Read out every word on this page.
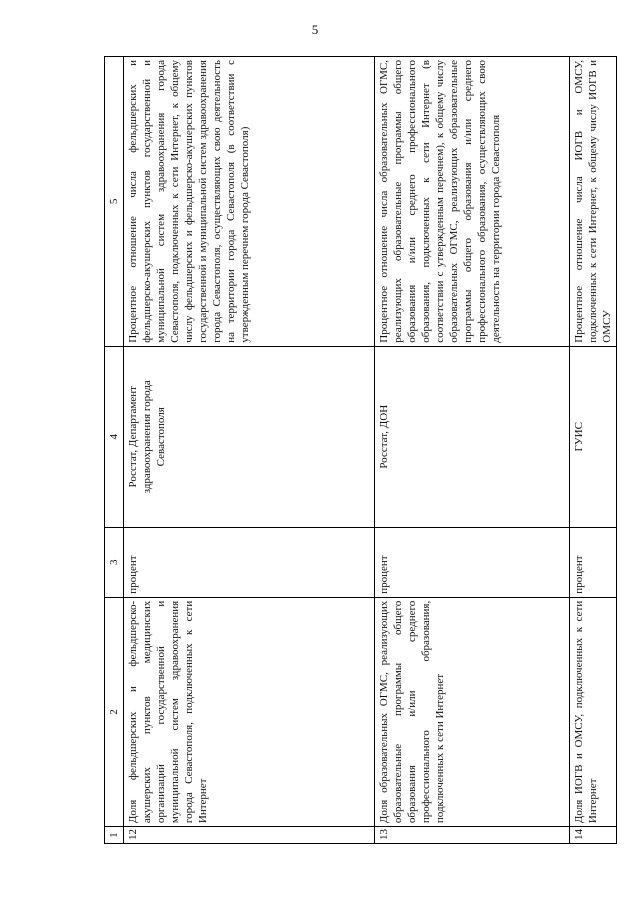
5
1	2	3	4	5
12	Доля фельдшерских и фельдшерско-акушерских пунктов медицинских организаций государственной и муниципальной систем здравоохранения города Севастополя, подключенных к сети Интернет	процент	Росстат, Департамент здравоохранения города Севастополя	Процентное отношение числа фельдшерских и фельдшерско-акушерских пунктов государственной и муниципальной систем здравоохранения города Севастополя, подключенных к сети Интернет, к общему числу фельдшерских и фельдшерско-акушерских пунктов государственной и муниципальной систем здравоохранения города Севастополя, осуществляющих свою деятельность на территории города Севастополя (в соответствии с утвержденным перечнем города Севастополя)
13	Доля образовательных ОГМС, реализующих образовательные программы общего образования и/или среднего профессионального образования, подключенных к сети Интернет	процент	Росстат, ДОН	Процентное отношение числа образовательных ОГМС, реализующих образовательные программы общего образования и/или среднего профессионального образования, подключенных к сети Интернет (в соответствии с утвержденным перечнем), к общему числу образовательных ОГМС, реализующих образовательные программы общего образования и/или среднего профессионального образования, осуществляющих свою деятельность на территории города Севастополя
14	Доля ИОГВ и ОМСУ, подключенных к сети Интернет	процент	ГУИС	Процентное отношение числа ИОГВ и ОМСУ, подключенных к сети Интернет, к общему числу ИОГВ и ОМСУ
